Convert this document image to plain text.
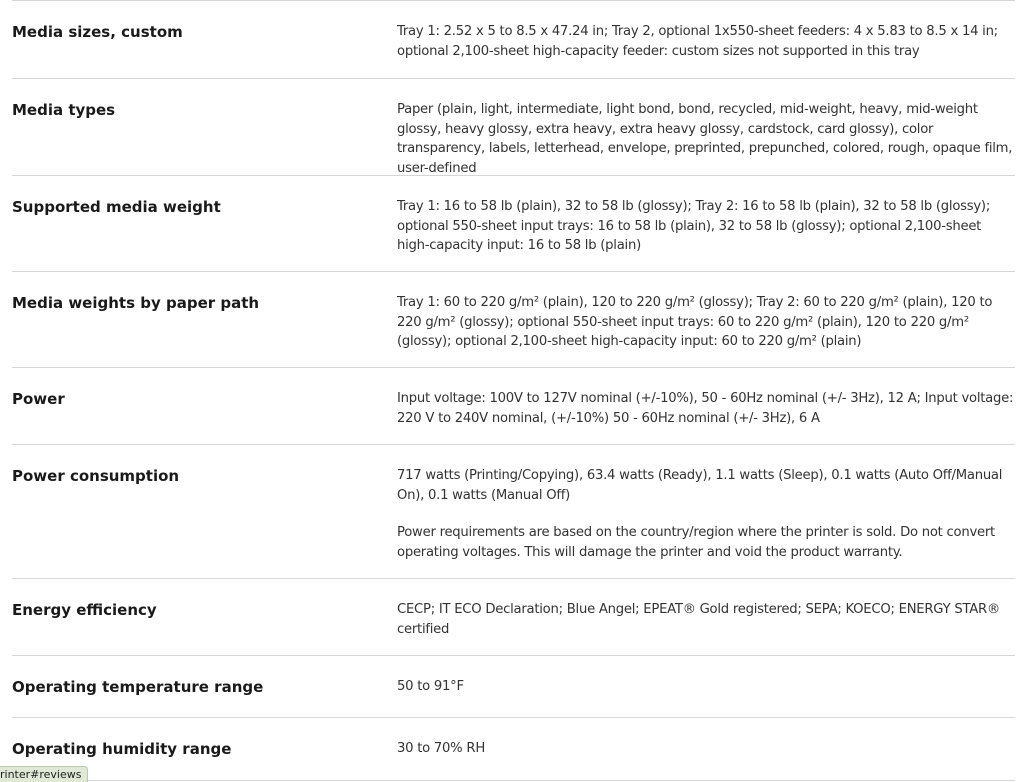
Media sizes, custom	Tray 1: 2.52 x 5 to 8.5 x 47.24 in; Tray 2, optional 1x550-sheet feeders: 4 x 5.83 to 8.5 x 14 in; optional 2,100-sheet high-capacity feeder: custom sizes not supported in this tray

Media types	Paper (plain, light, intermediate, light bond, bond, recycled, mid-weight, heavy, mid-weight glossy, heavy glossy, extra heavy, extra heavy glossy, cardstock, card glossy), color transparency, labels, letterhead, envelope, preprinted, prepunched, colored, rough, opaque film, user-defined

Supported media weight	Tray 1: 16 to 58 lb (plain), 32 to 58 lb (glossy); Tray 2: 16 to 58 lb (plain), 32 to 58 lb (glossy); optional 550-sheet input trays: 16 to 58 lb (plain), 32 to 58 lb (glossy); optional 2,100-sheet high-capacity input: 16 to 58 lb (plain)

Media weights by paper path	Tray 1: 60 to 220 g/m² (plain), 120 to 220 g/m² (glossy); Tray 2: 60 to 220 g/m² (plain), 120 to 220 g/m² (glossy); optional 550-sheet input trays: 60 to 220 g/m² (plain), 120 to 220 g/m² (glossy); optional 2,100-sheet high-capacity input: 60 to 220 g/m² (plain)

Power	Input voltage: 100V to 127V nominal (+/-10%), 50 - 60Hz nominal (+/- 3Hz), 12 A; Input voltage: 220 V to 240V nominal, (+/-10%) 50 - 60Hz nominal (+/- 3Hz), 6 A

Power consumption	717 watts (Printing/Copying), 63.4 watts (Ready), 1.1 watts (Sleep), 0.1 watts (Auto Off/Manual On), 0.1 watts (Manual Off)

Power requirements are based on the country/region where the printer is sold. Do not convert operating voltages. This will damage the printer and void the product warranty.

Energy efficiency	CECP; IT ECO Declaration; Blue Angel; EPEAT® Gold registered; SEPA; KOECO; ENERGY STAR® certified

Operating temperature range	50 to 91°F

Operating humidity range	30 to 70% RH

rinter#reviews
